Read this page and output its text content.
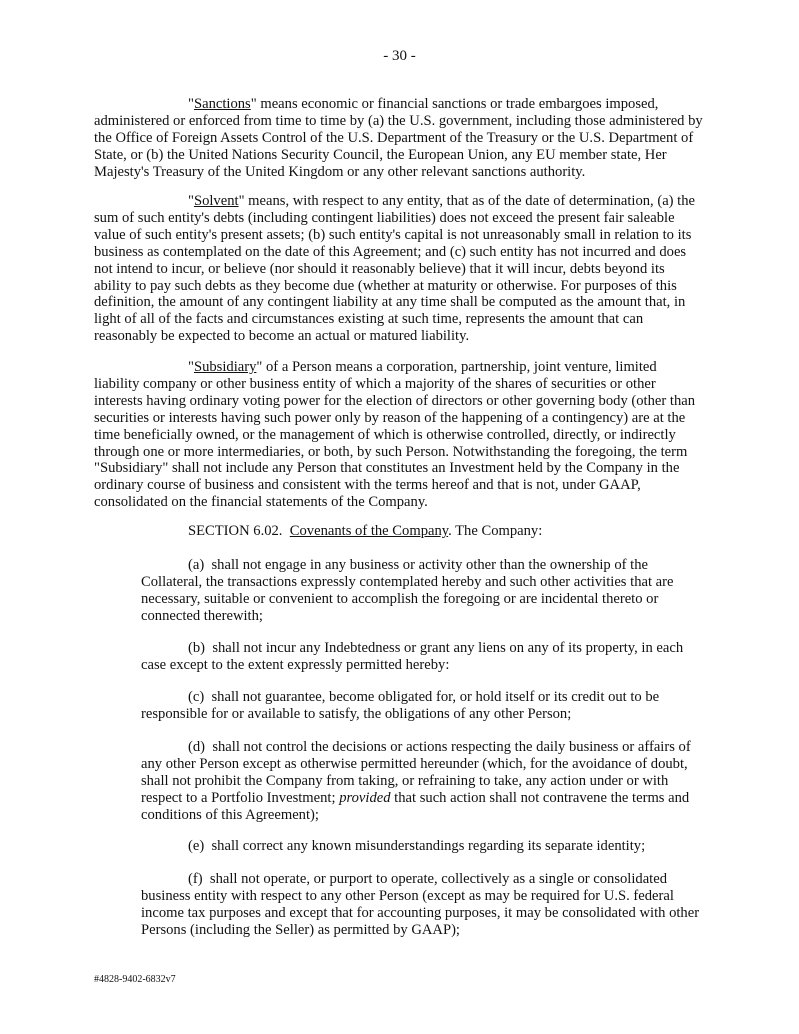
- 30 -

"Sanctions" means economic or financial sanctions or trade embargoes imposed, administered or enforced from time to time by (a) the U.S. government, including those administered by the Office of Foreign Assets Control of the U.S. Department of the Treasury or the U.S. Department of State, or (b) the United Nations Security Council, the European Union, any EU member state, Her Majesty's Treasury of the United Kingdom or any other relevant sanctions authority.

"Solvent" means, with respect to any entity, that as of the date of determination, (a) the sum of such entity's debts (including contingent liabilities) does not exceed the present fair saleable value of such entity's present assets; (b) such entity's capital is not unreasonably small in relation to its business as contemplated on the date of this Agreement; and (c) such entity has not incurred and does not intend to incur, or believe (nor should it reasonably believe) that it will incur, debts beyond its ability to pay such debts as they become due (whether at maturity or otherwise. For purposes of this definition, the amount of any contingent liability at any time shall be computed as the amount that, in light of all of the facts and circumstances existing at such time, represents the amount that can reasonably be expected to become an actual or matured liability.

"Subsidiary" of a Person means a corporation, partnership, joint venture, limited liability company or other business entity of which a majority of the shares of securities or other interests having ordinary voting power for the election of directors or other governing body (other than securities or interests having such power only by reason of the happening of a contingency) are at the time beneficially owned, or the management of which is otherwise controlled, directly, or indirectly through one or more intermediaries, or both, by such Person. Notwithstanding the foregoing, the term "Subsidiary" shall not include any Person that constitutes an Investment held by the Company in the ordinary course of business and consistent with the terms hereof and that is not, under GAAP, consolidated on the financial statements of the Company.

SECTION 6.02. Covenants of the Company. The Company:

(a) shall not engage in any business or activity other than the ownership of the Collateral, the transactions expressly contemplated hereby and such other activities that are necessary, suitable or convenient to accomplish the foregoing or are incidental thereto or connected therewith;

(b) shall not incur any Indebtedness or grant any liens on any of its property, in each case except to the extent expressly permitted hereby:

(c) shall not guarantee, become obligated for, or hold itself or its credit out to be responsible for or available to satisfy, the obligations of any other Person;

(d) shall not control the decisions or actions respecting the daily business or affairs of any other Person except as otherwise permitted hereunder (which, for the avoidance of doubt, shall not prohibit the Company from taking, or refraining to take, any action under or with respect to a Portfolio Investment; provided that such action shall not contravene the terms and conditions of this Agreement);

(e) shall correct any known misunderstandings regarding its separate identity;

(f) shall not operate, or purport to operate, collectively as a single or consolidated business entity with respect to any other Person (except as may be required for U.S. federal income tax purposes and except that for accounting purposes, it may be consolidated with other Persons (including the Seller) as permitted by GAAP);

#4828-9402-6832v7
